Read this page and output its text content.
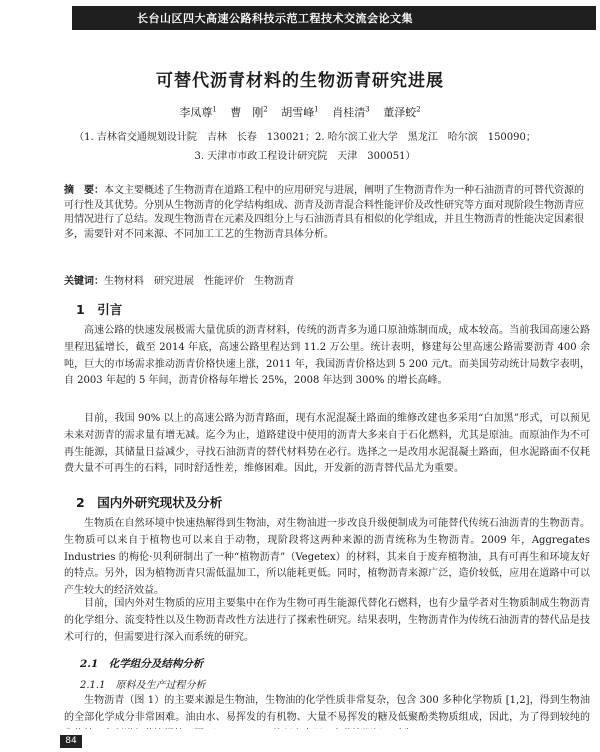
长台山区四大高速公路科技示范工程技术交流会论文集
可替代沥青材料的生物沥青研究进展
李凤尊$^1$ 曹　刚$^2$ 胡雪峰$^1$ 肖桂清$^3$ 董泽蛟$^2$
（1. 吉林省交通规划设计院　吉林　长春　130021；2. 哈尔滨工业大学　黑龙江　哈尔滨　150090；
3. 天津市市政工程设计研究院　天津　300051）
摘　要：本文主要概述了生物沥青在道路工程中的应用研究与进展，阐明了生物沥青作为一种石油沥青的可替代资源的可行性及其优势。分别从生物沥青的化学结构组成、沥青及沥青混合料性能评价及改性研究等方面对现阶段生物沥青应用情况进行了总结。发现生物沥青在元素及四组分上与石油沥青具有相似的化学组成，并且生物沥青的性能决定因素很多，需要针对不同来源、不同加工工艺的生物沥青具体分析。
关键词：生物材料　研究进展　性能评价　生物沥青
1　引言
高速公路的快速发展极需大量优质的沥青材料，传统的沥青多为通口原油炼制而成，成本较高。当前我国高速公路里程迅猛增长，截至 2014 年底，高速公路里程达到 11.2 万公里。统计表明，修建每公里高速公路需要沥青 400 余吨，巨大的市场需求推动沥青价格快速上涨，2011 年，我国沥青价格达到 5 200 元/t。而美国劳动统计局数字表明，自 2003 年起的 5 年间，沥青价格每年增长 25%，2008 年达到 300% 的增长高峰。
目前，我国 90% 以上的高速公路为沥青路面，现有水泥混凝土路面的维修改建也多采用“白加黑”形式，可以预见未来对沥青的需求量有增无减。迄今为止，道路建设中使用的沥青大多来自于石化燃料，尤其是原油。而原油作为不可再生能源，其储量日益减少，寻找石油沥青的替代材料势在必行。选择之一是改用水泥混凝土路面，但水泥路面不仅耗费大量不可再生的石料，同时舒适性差，维修困难。因此，开发新的沥青替代品尤为重要。
2　国内外研究现状及分析
生物质在自然环境中快速热解得到生物油，对生物油进一步改良升级便制成为可能替代传统石油沥青的生物沥青。生物质可以来自于植物也可以来自于动物，现阶段将这两种来源的沥青统称为生物沥青。2009 年，Aggregates Industries 的梅伦·贝利研制出了一种“植物沥青”（Vegetex）的材料，其来自于废弃植物油，具有可再生和环境友好的特点。另外，因为植物沥青只需低温加工，所以能耗更低。同时，植物沥青来源广泛，造价较低，应用在道路中可以产生较大的经济效益。
目前，国内外对生物质的应用主要集中在作为生物可再生能源代替化石燃料，也有少量学者对生物质制成生物沥青的化学组分、流变特性以及生物沥青改性方法进行了探索性研究。结果表明，生物沥青作为传统石油沥青的替代品是技术可行的，但需要进行深入而系统的研究。
2.1　化学组分及结构分析
2.1.1　原料及生产过程分析
生物沥青（图 1）的主要来源是生物油，生物油的化学性质非常复杂，包含 300 多种化学物质 [1,2]，得到生物油的全部化学成分非常困难。油由水、易挥发的有机物、大量不易挥发的糖及低聚酚类物质组成，因此，为了得到较纯的
84
